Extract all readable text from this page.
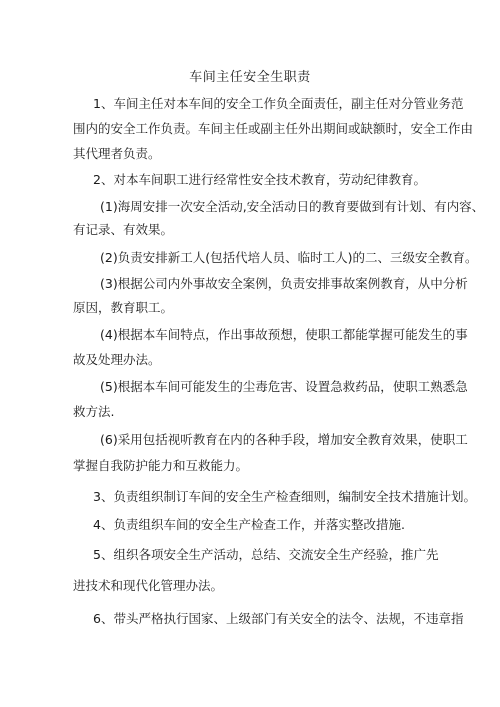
车间主任安全生职责
1、车间主任对本车间的安全工作负全面责任，副主任对分管业务范
围内的安全工作负责。车间主任或副主任外出期间或缺额时，安全工作由
其代理者负责。
2、对本车间职工进行经常性安全技术教育，劳动纪律教育。
(1)海周安排一次安全活动,安全活动日的教育要做到有计划、有内容、
有记录、有效果。
(2)负责安排新工人(包括代培人员、临时工人)的二、三级安全教育。
(3)根据公司内外事故安全案例，负责安排事故案例教育，从中分析
原因，教育职工。
(4)根据本车间特点，作出事故预想，使职工都能掌握可能发生的事
故及处理办法。
(5)根据本车间可能发生的尘毒危害、设置急救药品，使职工熟悉急
救方法.
(6)采用包括视听教育在内的各种手段，增加安全教育效果，使职工
掌握自我防护能力和互救能力。
3、负责组织制订车间的安全生产检查细则，编制安全技术措施计划。
4、负责组织车间的安全生产检查工作，并落实整改措施.
5、组织各项安全生产活动，总结、交流安全生产经验，推广先
进技术和现代化管理办法。
6、带头严格执行国家、上级部门有关安全的法令、法规，不违章指
